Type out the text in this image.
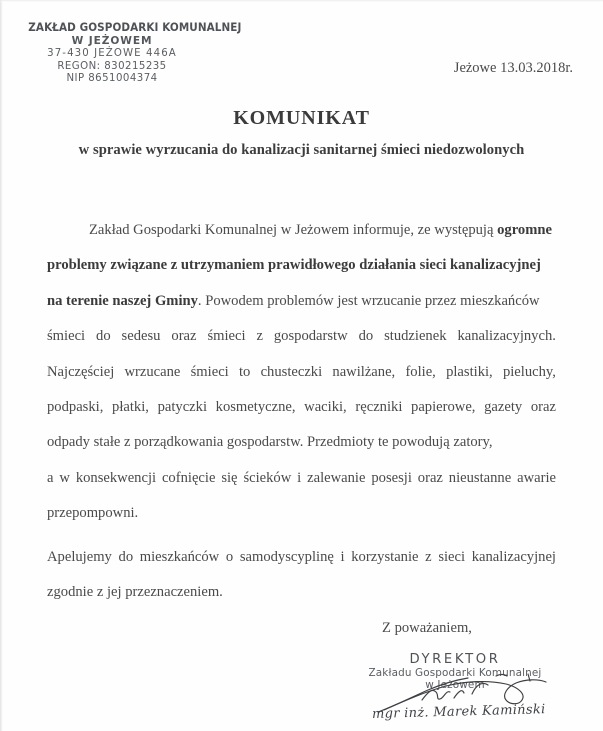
ZAKŁAD GOSPODARKI KOMUNALNEJ
W JEŻOWEM
37-430 JEŻOWE 446A
REGON: 830215235
NIP 8651004374
Jeżowe 13.03.2018r.
KOMUNIKAT
w sprawie wyrzucania do kanalizacji sanitarnej śmieci niedozwolonych
Zakład Gospodarki Komunalnej w Jeżowem informuje, ze występują ogromne
problemy związane z utrzymaniem prawidłowego działania sieci kanalizacyjnej
na terenie naszej Gminy. Powodem problemów jest wrzucanie przez mieszkańców
śmieci do sedesu oraz śmieci z gospodarstw do studzienek kanalizacyjnych.
Najczęściej wrzucane śmieci to chusteczki nawilżane, folie, plastiki, pieluchy,
podpaski, płatki, patyczki kosmetyczne, waciki, ręczniki papierowe, gazety oraz
odpady stałe z porządkowania gospodarstw. Przedmioty te powodują zatory,
a w konsekwencji cofnięcie się ścieków i zalewanie posesji oraz nieustanne awarie
przepompowni.
Apelujemy do mieszkańców o samodyscyplinę i korzystanie z sieci kanalizacyjnej
zgodnie z jej przeznaczeniem.
Z poważaniem,
DYREKTOR
Zakładu Gospodarki Komunalnej
w Jeżowem
mgr inż. Marek Kamiński
